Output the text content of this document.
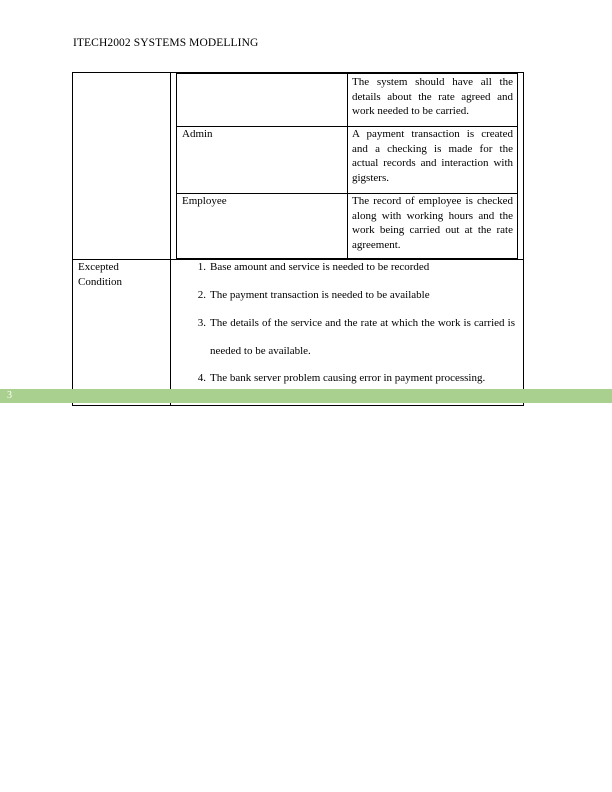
ITECH2002 SYSTEMS MODELLING
The system should have all the details about the rate agreed and work needed to be carried.
Admin	A payment transaction is created and a checking is made for the actual records and interaction with gigsters.
Employee	The record of employee is checked along with working hours and the work being carried out at the rate agreement.
Excepted Condition
1. Base amount and service is needed to be recorded
2. The payment transaction is needed to be available
3. The details of the service and the rate at which the work is carried is needed to be available.
4. The bank server problem causing error in payment processing.
3
